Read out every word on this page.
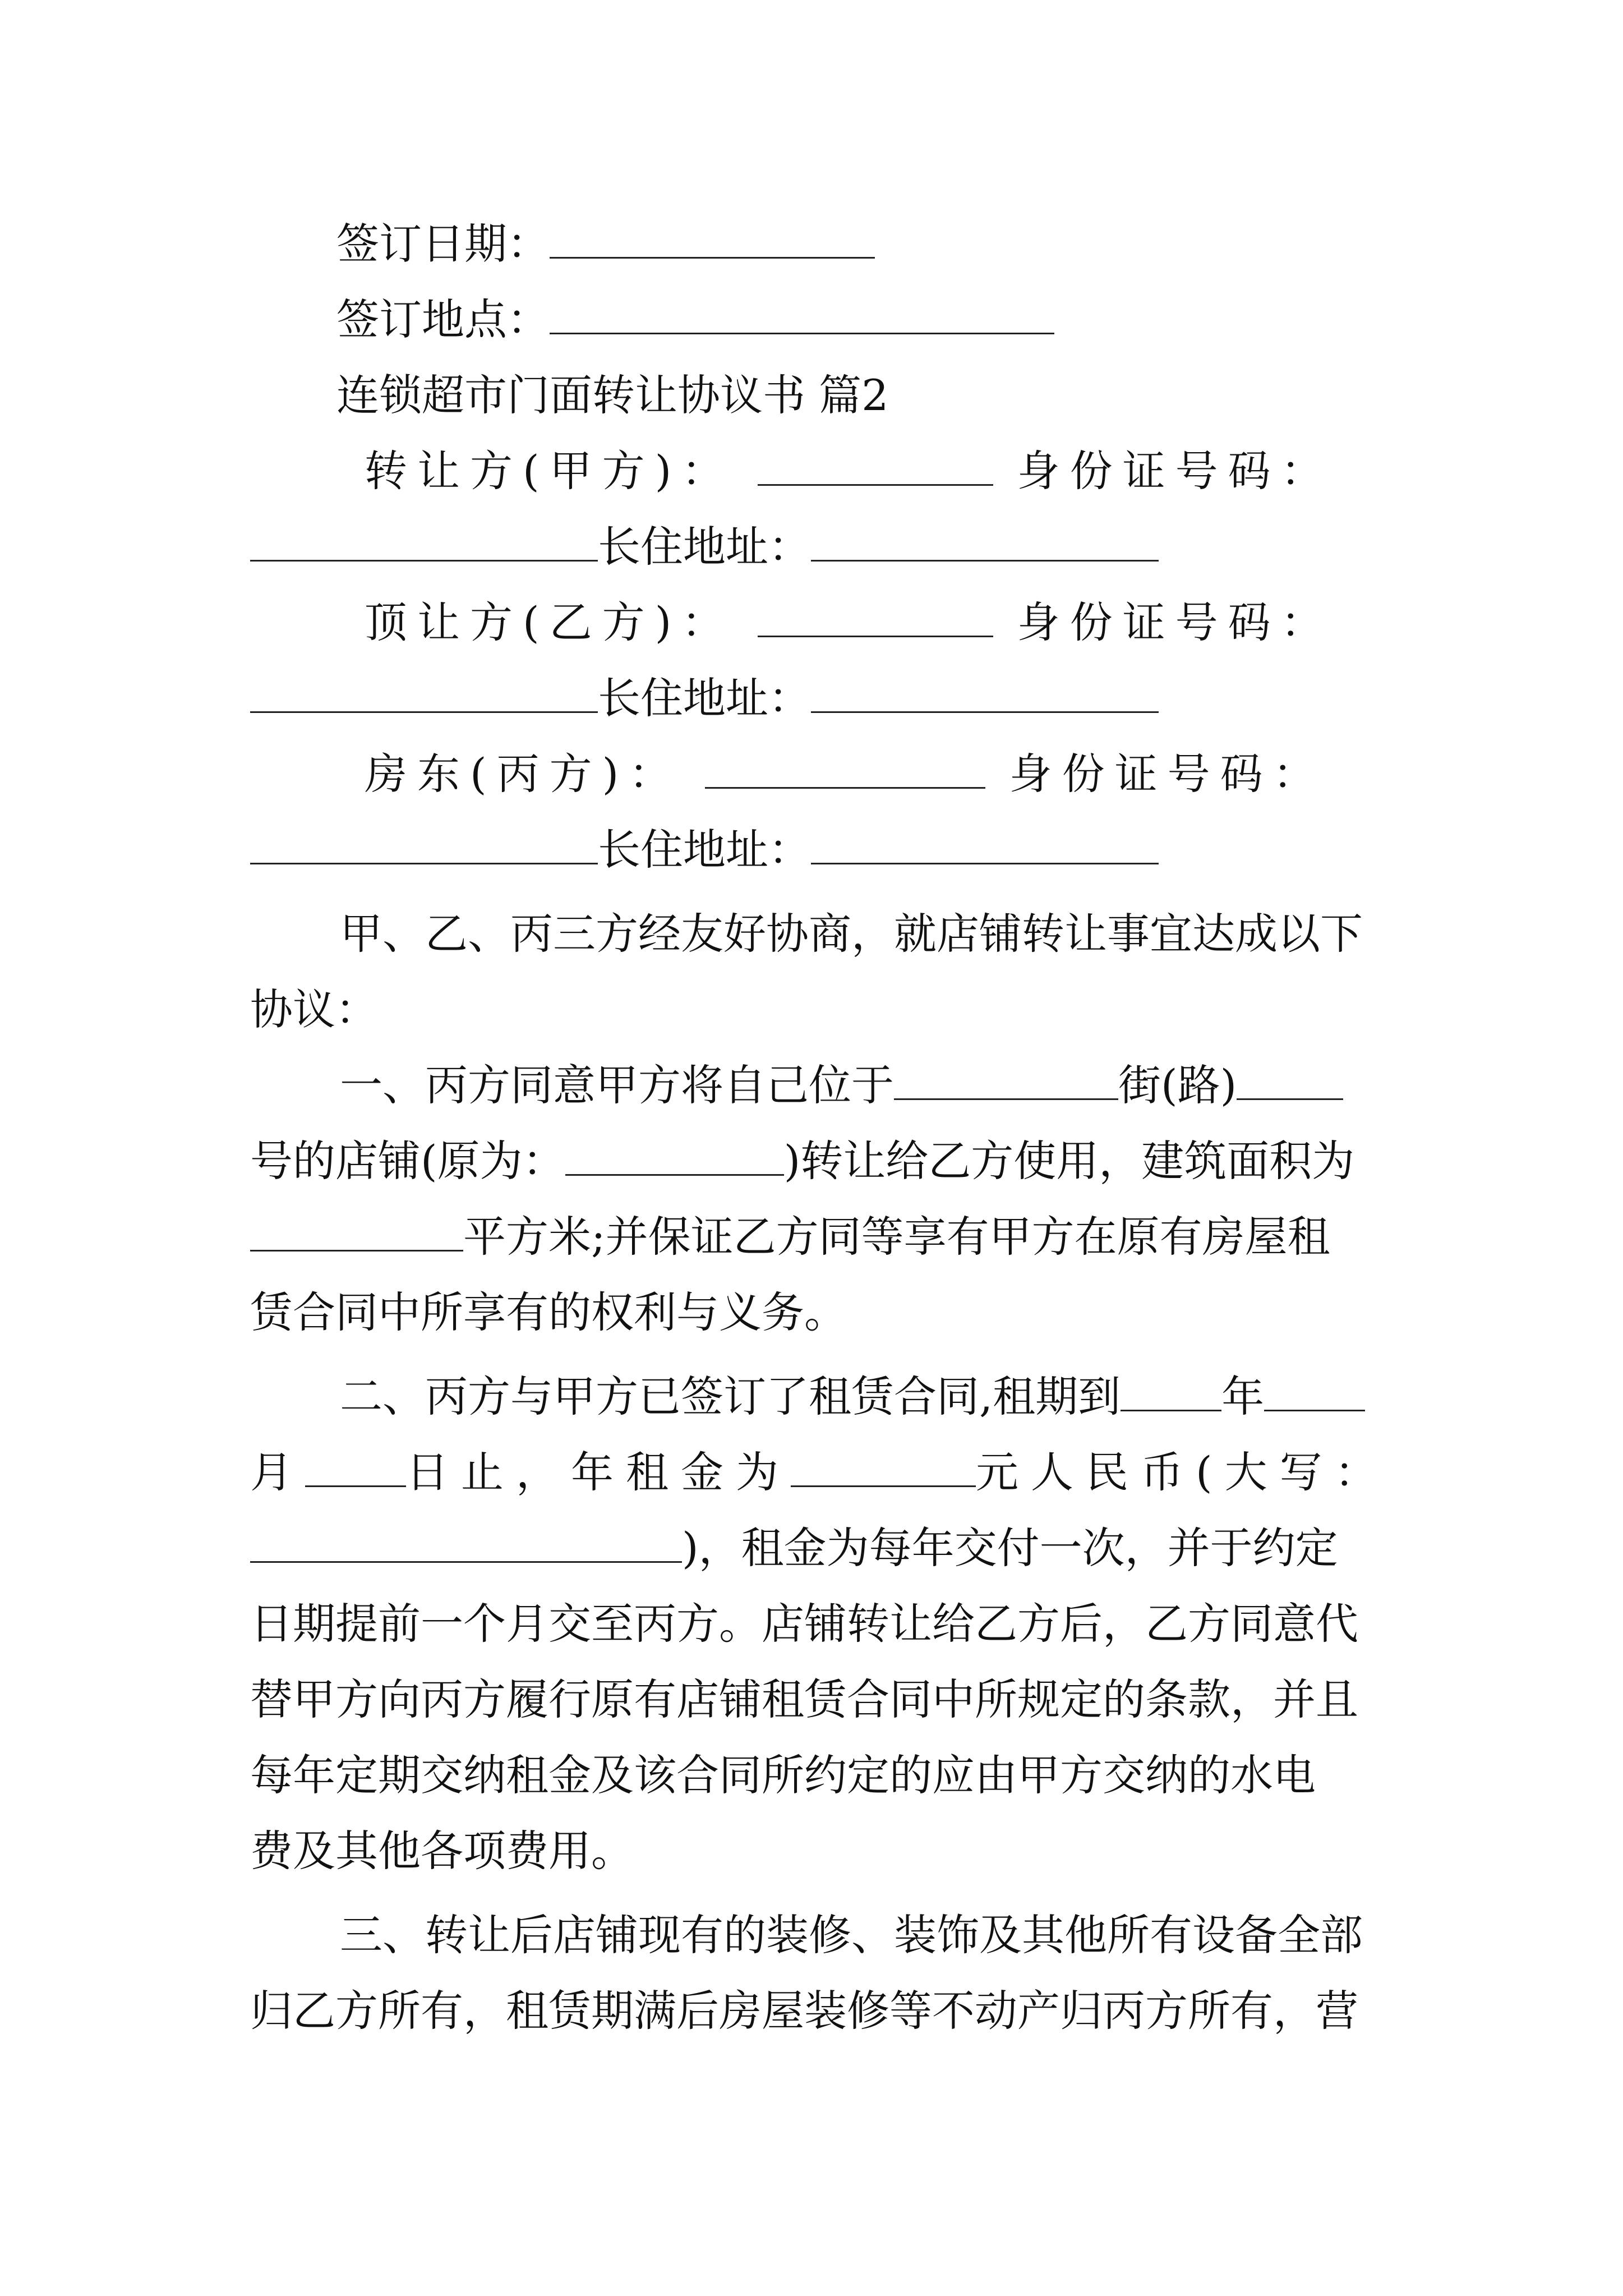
签订日期：
签订地点：
连锁超市门面转让协议书 篇2
转让方(甲方)：	身份证号码：
长住地址：
顶让方(乙方)：	身份证号码：
长住地址：
房东(丙方)：	身份证号码：
长住地址：
甲、乙、丙三方经友好协商，就店铺转让事宜达成以下
协议：
一、丙方同意甲方将自己位于	街(路)
号的店铺(原为：	)转让给乙方使用，建筑面积为
平方米;并保证乙方同等享有甲方在原有房屋租
赁合同中所享有的权利与义务。
二、丙方与甲方已签订了租赁合同,租期到 年
月 日止，年租金为	元人民币(大写：
)，租金为每年交付一次，并于约定
日期提前一个月交至丙方。店铺转让给乙方后，乙方同意代
替甲方向丙方履行原有店铺租赁合同中所规定的条款，并且
每年定期交纳租金及该合同所约定的应由甲方交纳的水电
费及其他各项费用。
三、转让后店铺现有的装修、装饰及其他所有设备全部
归乙方所有，租赁期满后房屋装修等不动产归丙方所有，营
